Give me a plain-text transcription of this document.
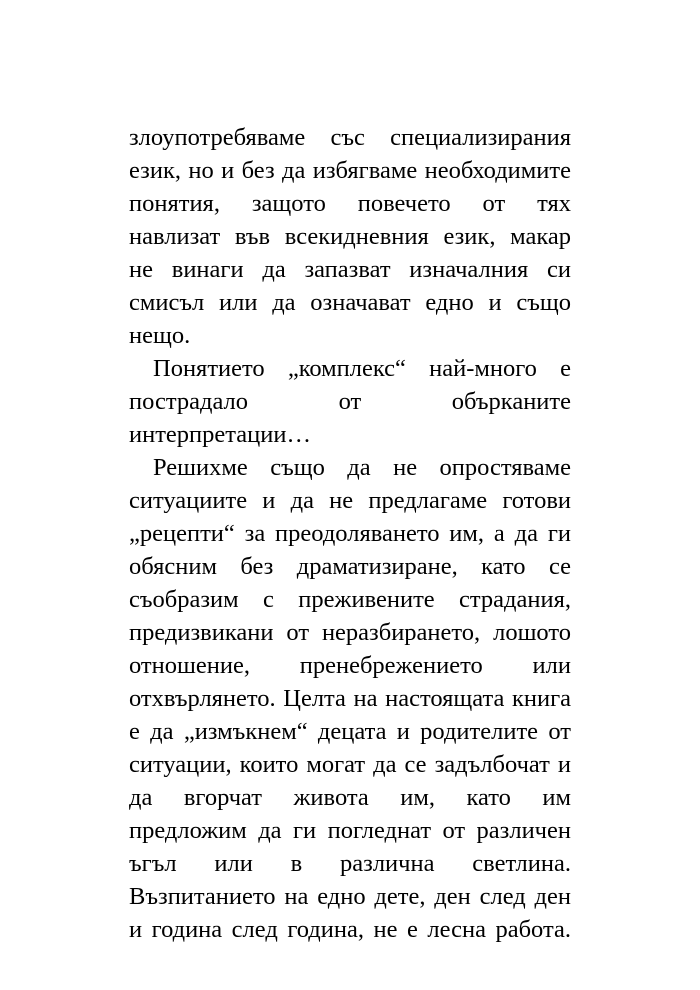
злоупотребяваме със специализирания
език, но и без да избягваме необходимите
понятия, защото повечето от тях
навлизат във всекидневния език, макар
не винаги да запазват изначалния си
смисъл или да означават едно и също
нещо.
Понятието „комплекс“ най-много е
пострадало от обърканите
интерпретации…
Решихме също да не опростяваме
ситуациите и да не предлагаме готови
„рецепти“ за преодоляването им, а да ги
обясним без драматизиране, като се
съобразим с преживените страдания,
предизвикани от неразбирането, лошото
отношение, пренебрежението или
отхвърлянето. Целта на настоящата книга
е да „измъкнем“ децата и родителите от
ситуации, които могат да се задълбочат и
да вгорчат живота им, като им
предложим да ги погледнат от различен
ъгъл или в различна светлина.
Възпитанието на едно дете, ден след ден
и година след година, не е лесна работа.
